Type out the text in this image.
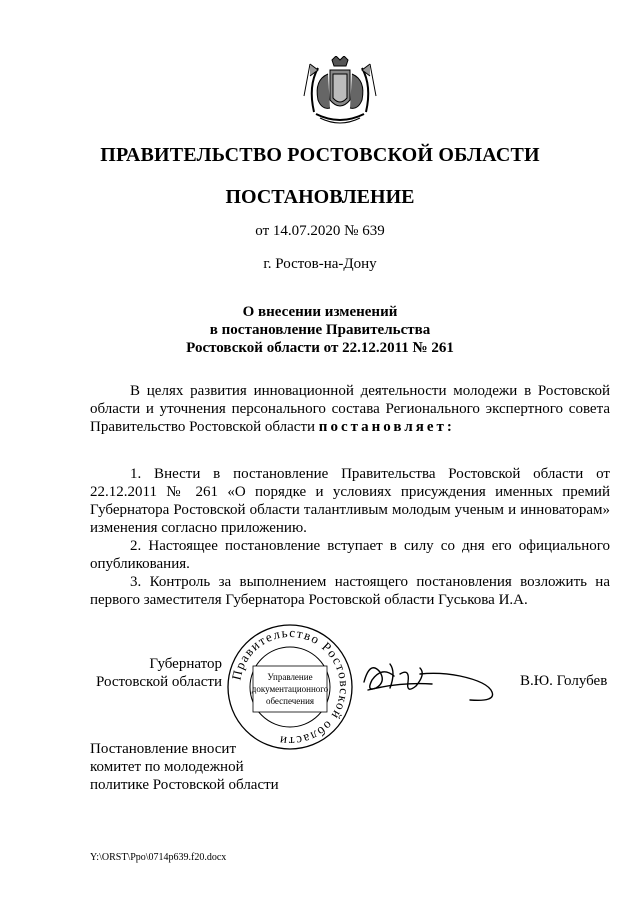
ПРАВИТЕЛЬСТВО РОСТОВСКОЙ ОБЛАСТИ
ПОСТАНОВЛЕНИЕ
от 14.07.2020 № 639
г. Ростов-на-Дону
О внесении изменений
в постановление Правительства
Ростовской области от 22.12.2011 № 261
В целях развития инновационной деятельности молодежи в Ростовской области и уточнения персонального состава Регионального экспертного совета Правительство Ростовской области постановляет:
1. Внести в постановление Правительства Ростовской области от 22.12.2011 № 261 «О порядке и условиях присуждения именных премий Губернатора Ростовской области талантливым молодым ученым и инноваторам» изменения согласно приложению.
2. Настоящее постановление вступает в силу со дня его официального опубликования.
3. Контроль за выполнением настоящего постановления возложить на первого заместителя Губернатора Ростовской области Гуськова И.А.
Губернатор
Ростовской области Правительство Ростовской области
Управление
документационного
обеспечения
В.Ю. Голубев
Постановление вносит
комитет по молодежной
политике Ростовской области
Y:\ORST\Ppo\0714p639.f20.docx
